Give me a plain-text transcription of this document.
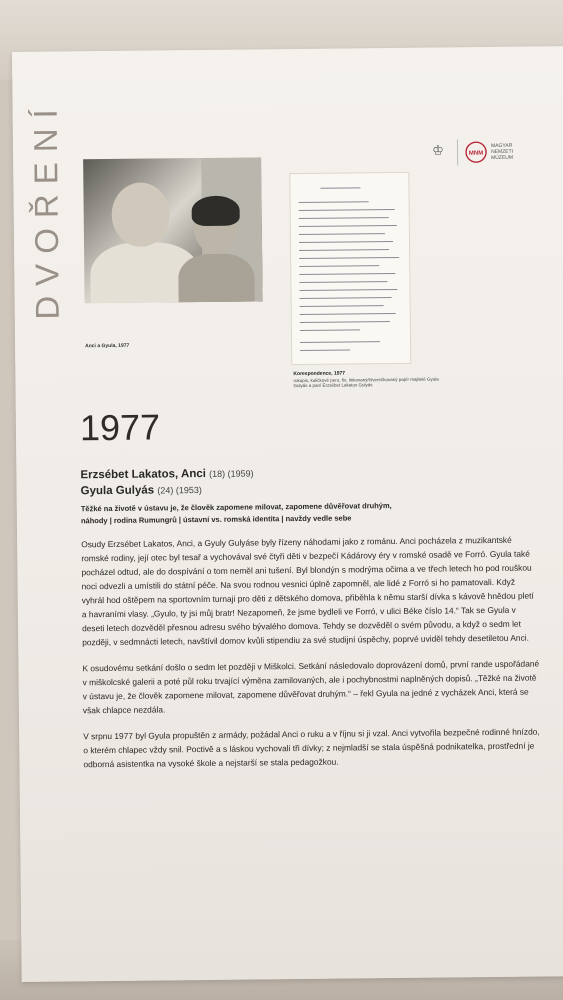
DVOŘENÍ
Anci a Gyula, 1977
Korespondence, 1977
rukopis, kuličkové pero, fix, linkovaný/čtverečkovaný papír majitelé Gyula Gulyás a paní Erzsébet Lakatos Gulyás
♔	MNM
MAGYAR
NEMZETI
MÚZEUM
1977
Erzsébet Lakatos, Anci (18) (1959)
Gyula Gulyás (24) (1953)
Těžké na životě v ústavu je, že člověk zapomene milovat, zapomene důvěřovat druhým,
náhody | rodina Rumungrů | ústavní vs. romská identita | navždy vedle sebe

Osudy Erzsébet Lakatos, Anci, a Gyuly Gulyáse byly řízeny náhodami jako z románu. Anci pocházela z muzikantské romské rodiny, její otec byl tesař a vychovával své čtyři děti v bezpečí Kádárovy éry v romské osadě ve Forró. Gyula také pocházel odtud, ale do dospívání o tom neměl ani tušení. Byl blondýn s modrýma očima a ve třech letech ho pod rouškou noci odvezli a umístili do státní péče. Na svou rodnou vesnici úplně zapomněl, ale lidé z Forró si ho pamatovali. Když vyhrál hod oštěpem na sportovním turnaji pro děti z dětského domova, přiběhla k němu starší dívka s kávově hnědou pletí a havraními vlasy. „Gyulo, ty jsi můj bratr! Nezapomeň, že jsme bydleli ve Forró, v ulici Béke číslo 14.“ Tak se Gyula v deseti letech dozvěděl přesnou adresu svého bývalého domova. Tehdy se dozvěděl o svém původu, a když o sedm let později, v sedmnácti letech, navštívil domov kvůli stipendiu za své studijní úspěchy, poprvé uviděl tehdy desetiletou Anci.

K osudovému setkání došlo o sedm let později v Miškolci. Setkání následovalo doprovázení domů, první rande uspořádané v miškolcské galerii a poté půl roku trvající výměna zamilovaných, ale i pochybnostmi naplněných dopisů. „Těžké na životě v ústavu je, že člověk zapomene milovat, zapomene důvěřovat druhým.“ – řekl Gyula na jedné z vycházek Anci, která se však chlapce nezdála.

V srpnu 1977 byl Gyula propuštěn z armády, požádal Anci o ruku a v říjnu si ji vzal. Anci vytvořila bezpečné rodinné hnízdo, o kterém chlapec vždy snil. Poctivě a s láskou vychovali tři dívky; z nejmladší se stala úspěšná podnikatelka, prostřední je odborná asistentka na vysoké škole a nejstarší se stala pedagožkou.
